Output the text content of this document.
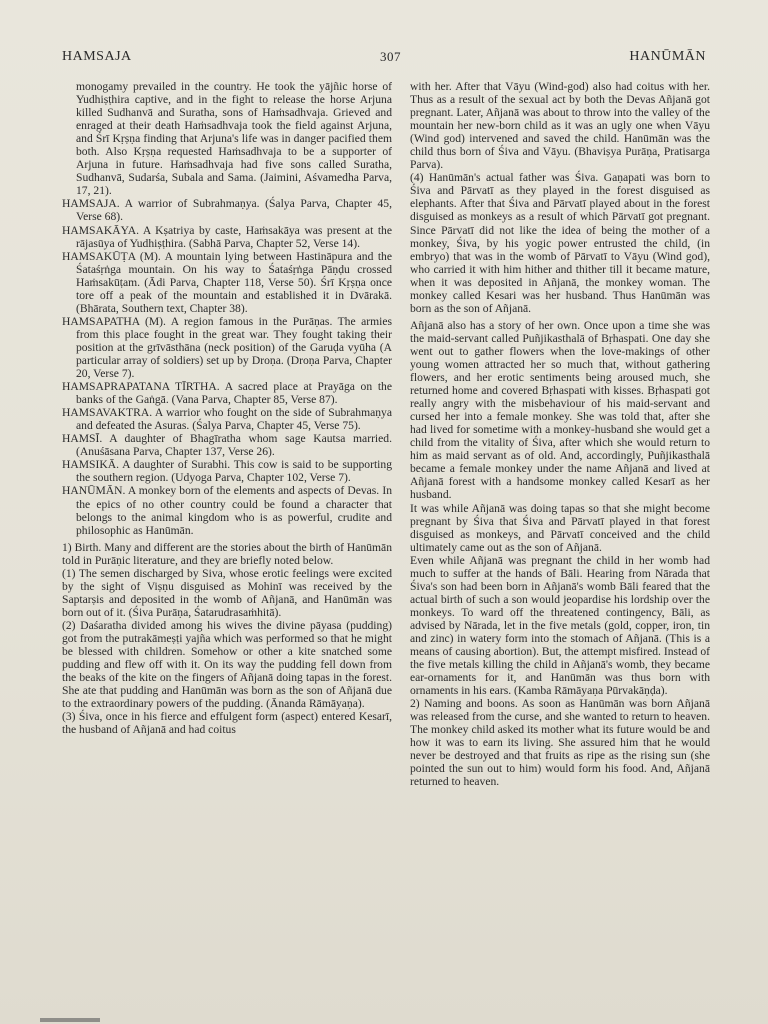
HAMSAJA	307	HANŪMĀN

monogamy prevailed in the country. He took the yājñic horse of Yudhiṣṭhira captive, and in the fight to release the horse Arjuna killed Sudhanvā and Suratha, sons of Haṁsadhvaja. Grieved and enraged at their death Haṁsadhvaja took the field against Arjuna, and Śrī Kṛṣṇa finding that Arjuna's life was in danger pacified them both. Also Kṛṣṇa requested Haṁsadhvaja to be a supporter of Arjuna in future. Haṁsadhvaja had five sons called Suratha, Sudhanvā, Sudarśa, Subala and Sama. (Jaimini, Aśvamedha Parva, 17, 21).

HAMSAJA. A warrior of Subrahmaṇya. (Śalya Parva, Chapter 45, Verse 68).

HAMSAKĀYA. A Kṣatriya by caste, Haṁsakāya was present at the rājasūya of Yudhiṣṭhira. (Sabhā Parva, Chapter 52, Verse 14).

HAMSAKŪṬA (M). A mountain lying between Hastināpura and the Śataśṛṅga mountain. On his way to Śataśṛṅga Pāṇḍu crossed Haṁsakūṭam. (Ādi Parva, Chapter 118, Verse 50). Śrī Kṛṣṇa once tore off a peak of the mountain and established it in Dvārakā. (Bhārata, Southern text, Chapter 38).

HAMSAPATHA (M). A region famous in the Purāṇas. The armies from this place fought in the great war. They fought taking their position at the grīvāsthāna (neck position) of the Garuḍa vyūha (A particular array of soldiers) set up by Droṇa. (Droṇa Parva, Chapter 20, Verse 7).

HAMSAPRAPATANA TĪRTHA. A sacred place at Prayāga on the banks of the Gaṅgā. (Vana Parva, Chapter 85, Verse 87).

HAMSAVAKTRA. A warrior who fought on the side of Subrahmaṇya and defeated the Asuras. (Śalya Parva, Chapter 45, Verse 75).

HAMSĪ. A daughter of Bhagīratha whom sage Kautsa married. (Anuśāsana Parva, Chapter 137, Verse 26).

HAMSIKĀ. A daughter of Surabhi. This cow is said to be supporting the southern region. (Udyoga Parva, Chapter 102, Verse 7).

HANŪMĀN. A monkey born of the elements and aspects of Devas. In the epics of no other country could be found a character that belongs to the animal kingdom who is as powerful, crudite and philosophic as Hanūmān.

1) Birth. Many and different are the stories about the birth of Hanūmān told in Purāṇic literature, and they are briefly noted below.

(1) The semen discharged by Siva, whose erotic feelings were excited by the sight of Viṣṇu disguised as Mohinī was received by the Saptarṣis and deposited in the womb of Añjanā, and Hanūmān was born out of it. (Śiva Purāṇa, Śatarudrasaṁhitā).

(2) Daśaratha divided among his wives the divine pāyasa (pudding) got from the putrakāmeṣṭi yajña which was performed so that he might be blessed with children. Somehow or other a kite snatched some pudding and flew off with it. On its way the pudding fell down from the beaks of the kite on the fingers of Añjanā doing tapas in the forest. She ate that pudding and Hanūmān was born as the son of Añjanā due to the extraordinary powers of the pudding. (Ānanda Rāmāyaṇa).

(3) Śiva, once in his fierce and effulgent form (aspect) entered Kesarī, the husband of Añjanā and had coitus

with her. After that Vāyu (Wind-god) also had coitus with her. Thus as a result of the sexual act by both the Devas Añjanā got pregnant. Later, Añjanā was about to throw into the valley of the mountain her new-born child as it was an ugly one when Vāyu (Wind god) intervened and saved the child. Hanūmān was the child thus born of Śiva and Vāyu. (Bhaviṣya Purāṇa, Pratisarga Parva).

(4) Hanūmān's actual father was Śiva. Gaṇapati was born to Śiva and Pārvatī as they played in the forest disguised as elephants. After that Śiva and Pārvatī played about in the forest disguised as monkeys as a result of which Pārvatī got pregnant. Since Pārvatī did not like the idea of being the mother of a monkey, Śiva, by his yogic power entrusted the child, (in embryo) that was in the womb of Pārvatī to Vāyu (Wind god), who carried it with him hither and thither till it became mature, when it was deposited in Añjanā, the monkey woman. The monkey called Kesari was her husband. Thus Hanūmān was born as the son of Añjanā.

Añjanā also has a story of her own. Once upon a time she was the maid-servant called Puñjikasthalā of Bṛhaspati. One day she went out to gather flowers when the love-makings of other young women attracted her so much that, without gathering flowers, and her erotic sentiments being aroused much, she returned home and covered Bṛhaspati with kisses. Bṛhaspati got really angry with the misbehaviour of his maid-servant and cursed her into a female monkey. She was told that, after she had lived for sometime with a monkey-husband she would get a child from the vitality of Śiva, after which she would return to him as maid servant as of old. And, accordingly, Puñjikasthalā became a female monkey under the name Añjanā and lived at Añjanā forest with a handsome monkey called Kesarī as her husband.

It was while Añjanā was doing tapas so that she might become pregnant by Śiva that Śiva and Pārvatī played in that forest disguised as monkeys, and Pārvatī conceived and the child ultimately came out as the son of Añjanā.

Even while Añjanā was pregnant the child in her womb had much to suffer at the hands of Bāli. Hearing from Nārada that Śiva's son had been born in Añjanā's womb Bāli feared that the actual birth of such a son would jeopardise his lordship over the monkeys. To ward off the threatened contingency, Bāli, as advised by Nārada, let in the five metals (gold, copper, iron, tin and zinc) in watery form into the stomach of Añjanā. (This is a means of causing abortion). But, the attempt misfired. Instead of the five metals killing the child in Añjanā's womb, they became ear-ornaments for it, and Hanūmān was thus born with ornaments in his ears. (Kamba Rāmāyaṇa Pūrvakāṇḍa).

2) Naming and boons. As soon as Hanūmān was born Añjanā was released from the curse, and she wanted to return to heaven. The monkey child asked its mother what its future would be and how it was to earn its living. She assured him that he would never be destroyed and that fruits as ripe as the rising sun (she pointed the sun out to him) would form his food. And, Añjanā returned to heaven.
